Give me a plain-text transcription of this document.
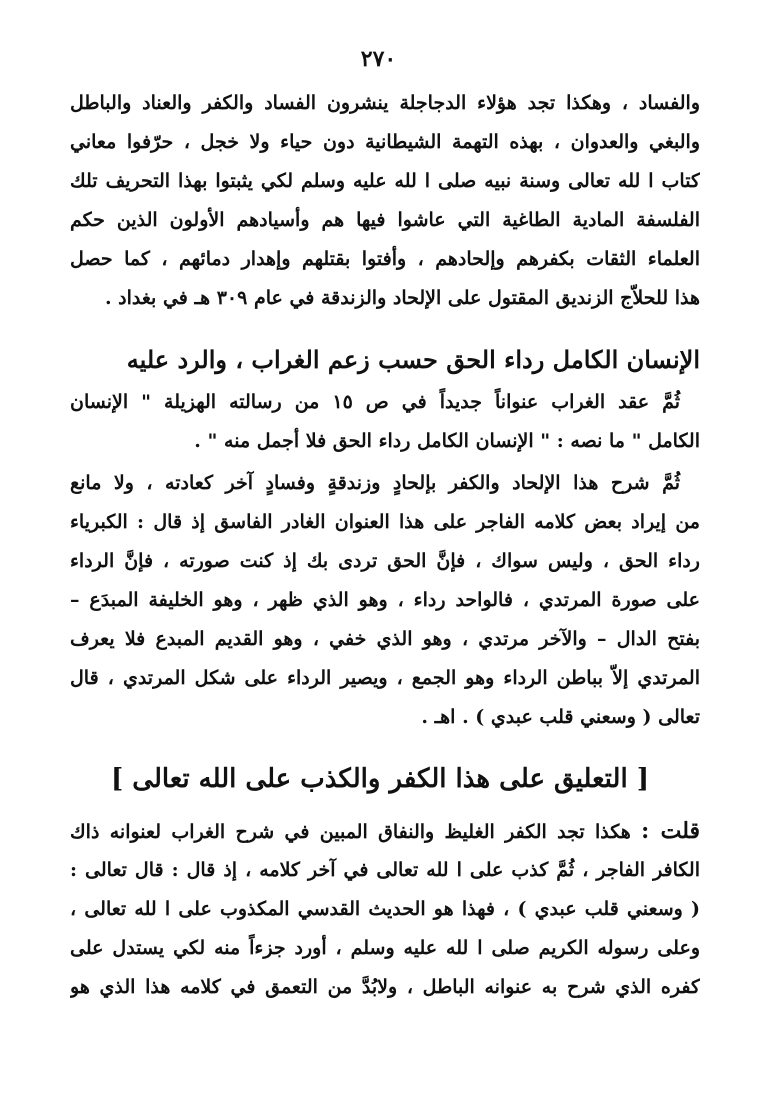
٢٧٠
والفساد ، وهكذا تجد هؤلاء الدجاجلة ينشرون الفساد والكفر والعناد والباطل
والبغي والعدوان ، بهذه التهمة الشيطانية دون حياء ولا خجل ، حرّفوا معاني
كتاب ا لله تعالى وسنة نبيه صلى ا لله عليه وسلم لكي يثبتوا بهذا التحريف تلك
الفلسفة المادية الطاغية التي عاشوا فيها هم وأسيادهم الأولون الذين حكم
العلماء الثقات بكفرهم وإلحادهم ، وأفتوا بقتلهم وإهدار دمائهم ، كما حصل
هذا للحلاّج الزنديق المقتول على الإلحاد والزندقة في عام ٣٠٩ هـ في بغداد .
الإنسان الكامل رداء الحق حسب زعم الغراب ، والرد عليه
ثُمَّ عقد الغراب عنواناً جديداً في ص ١٥ من رسالته الهزيلة " الإنسان
الكامل " ما نصه : " الإنسان الكامل رداء الحق فلا أجمل منه " .
ثُمَّ شرح هذا الإلحاد والكفر بإلحادٍ وزندقةٍ وفسادٍ آخر كعادته ، ولا مانع
من إيراد بعض كلامه الفاجر على هذا العنوان الغادر الفاسق إذ قال : الكبرياء
رداء الحق ، وليس سواك ، فإنَّ الحق تردى بك إذ كنت صورته ، فإنَّ الرداء
على صورة المرتدي ، فالواحد رداء ، وهو الذي ظهر ، وهو الخليفة المبدَع –
بفتح الدال – والآخر مرتدي ، وهو الذي خفي ، وهو القديم المبدع فلا يعرف
المرتدي إلاّ بباطن الرداء وهو الجمع ، ويصير الرداء على شكل المرتدي ، قال
تعالى ( وسعني قلب عبدي ) . اهـ .
[ التعليق على هذا الكفر والكذب على الله تعالى ]
قلت : هكذا تجد الكفر الغليظ والنفاق المبين في شرح الغراب لعنوانه ذاك
الكافر الفاجر ، ثُمَّ كذب على ا لله تعالى في آخر كلامه ، إذ قال : قال تعالى :
( وسعني قلب عبدي ) ، فهذا هو الحديث القدسي المكذوب على ا لله تعالى ،
وعلى رسوله الكريم صلى ا لله عليه وسلم ، أورد جزءاً منه لكي يستدل على
كفره الذي شرح به عنوانه الباطل ، ولابُدَّ من التعمق في كلامه هذا الذي هو
